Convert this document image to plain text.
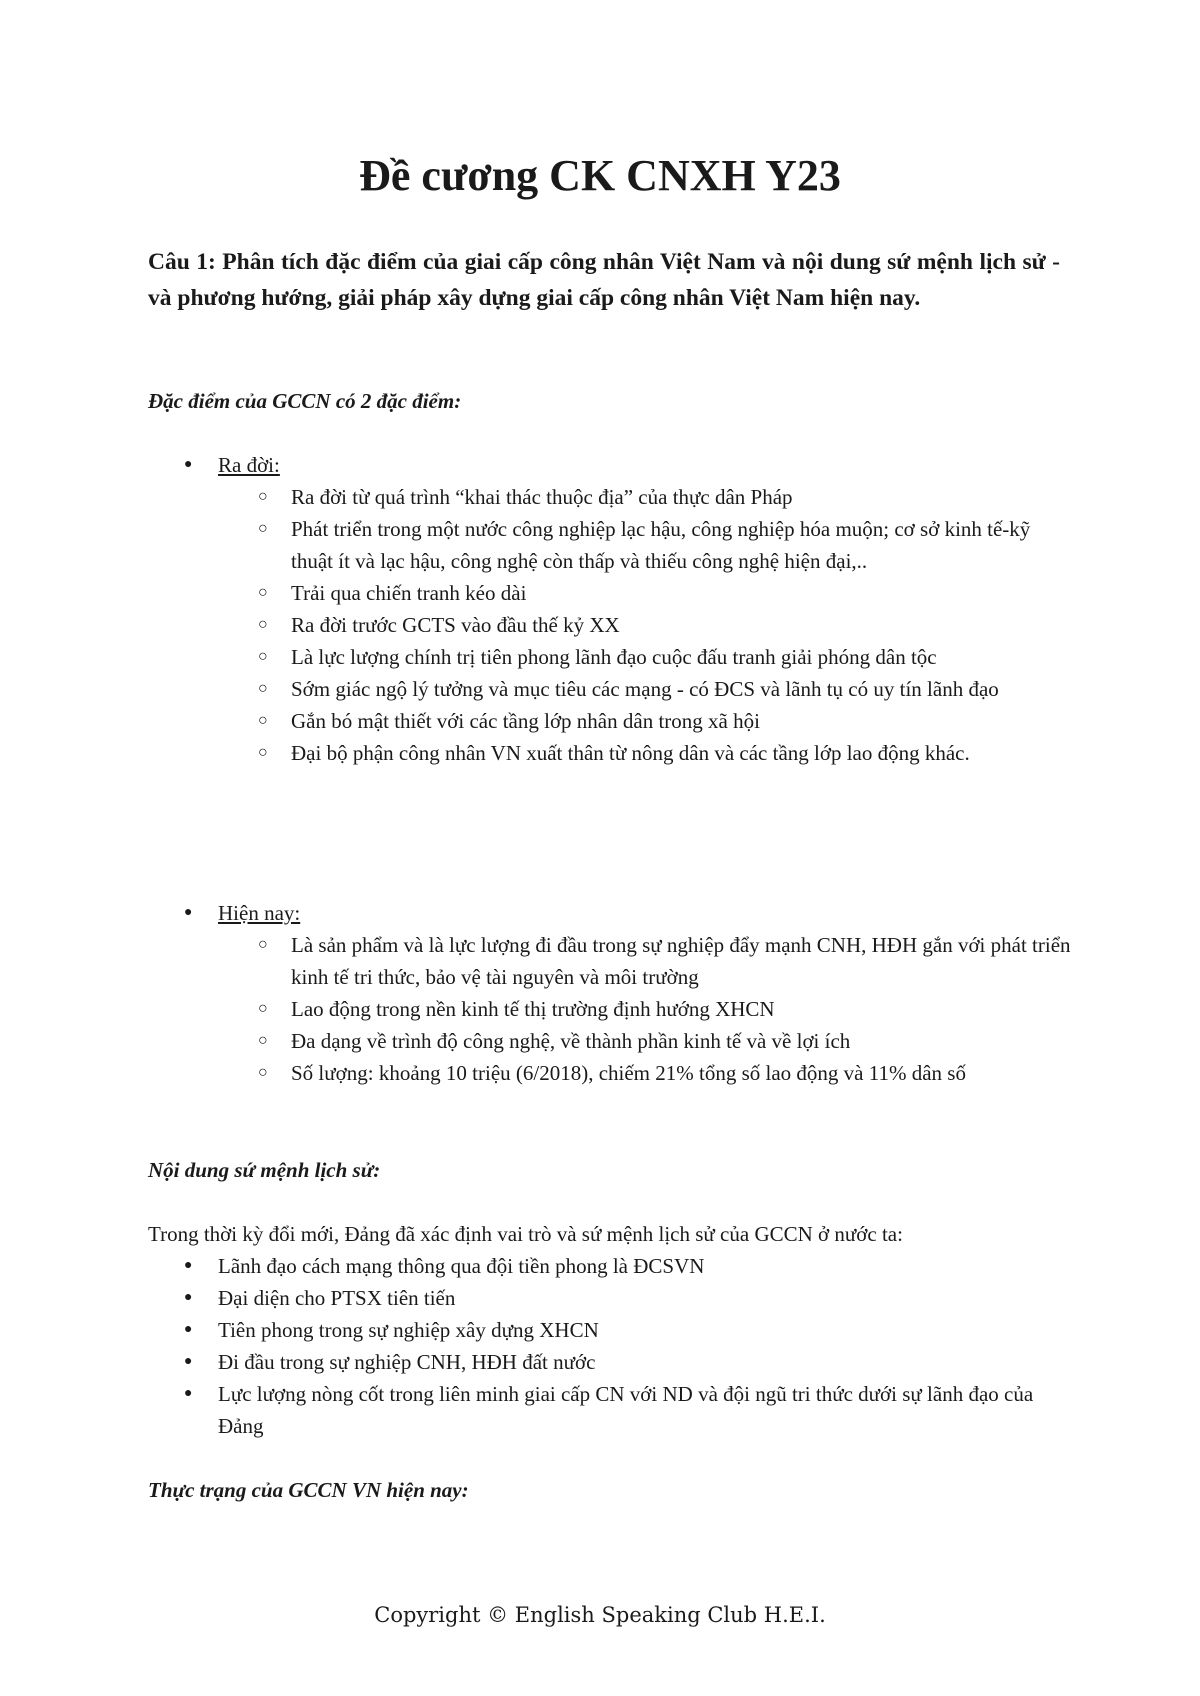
Đề cương CK CNXH Y23

Câu 1: Phân tích đặc điểm của giai cấp công nhân Việt Nam và nội dung sứ mệnh lịch sử - và phương hướng, giải pháp xây dựng giai cấp công nhân Việt Nam hiện nay.

Đặc điểm của GCCN có 2 đặc điểm:

● Ra đời:
○ Ra đời từ quá trình “khai thác thuộc địa” của thực dân Pháp
○ Phát triển trong một nước công nghiệp lạc hậu, công nghiệp hóa muộn; cơ sở kinh tế-kỹ thuật ít và lạc hậu, công nghệ còn thấp và thiếu công nghệ hiện đại,..
○ Trải qua chiến tranh kéo dài
○ Ra đời trước GCTS vào đầu thế kỷ XX
○ Là lực lượng chính trị tiên phong lãnh đạo cuộc đấu tranh giải phóng dân tộc
○ Sớm giác ngộ lý tưởng và mục tiêu các mạng - có ĐCS và lãnh tụ có uy tín lãnh đạo
○ Gắn bó mật thiết với các tầng lớp nhân dân trong xã hội
○ Đại bộ phận công nhân VN xuất thân từ nông dân và các tầng lớp lao động khác.
● Hiện nay:
○ Là sản phẩm và là lực lượng đi đầu trong sự nghiệp đẩy mạnh CNH, HĐH gắn với phát triển kinh tế tri thức, bảo vệ tài nguyên và môi trường
○ Lao động trong nền kinh tế thị trường định hướng XHCN
○ Đa dạng về trình độ công nghệ, về thành phần kinh tế và về lợi ích
○ Số lượng: khoảng 10 triệu (6/2018), chiếm 21% tổng số lao động và 11% dân số

Nội dung sứ mệnh lịch sử:

Trong thời kỳ đổi mới, Đảng đã xác định vai trò và sứ mệnh lịch sử của GCCN ở nước ta:

● Lãnh đạo cách mạng thông qua đội tiền phong là ĐCSVN
● Đại diện cho PTSX tiên tiến
● Tiên phong trong sự nghiệp xây dựng XHCN
● Đi đầu trong sự nghiệp CNH, HĐH đất nước
● Lực lượng nòng cốt trong liên minh giai cấp CN với ND và đội ngũ tri thức dưới sự lãnh đạo của Đảng

Thực trạng của GCCN VN hiện nay:

Copyright © English Speaking Club H.E.I.
